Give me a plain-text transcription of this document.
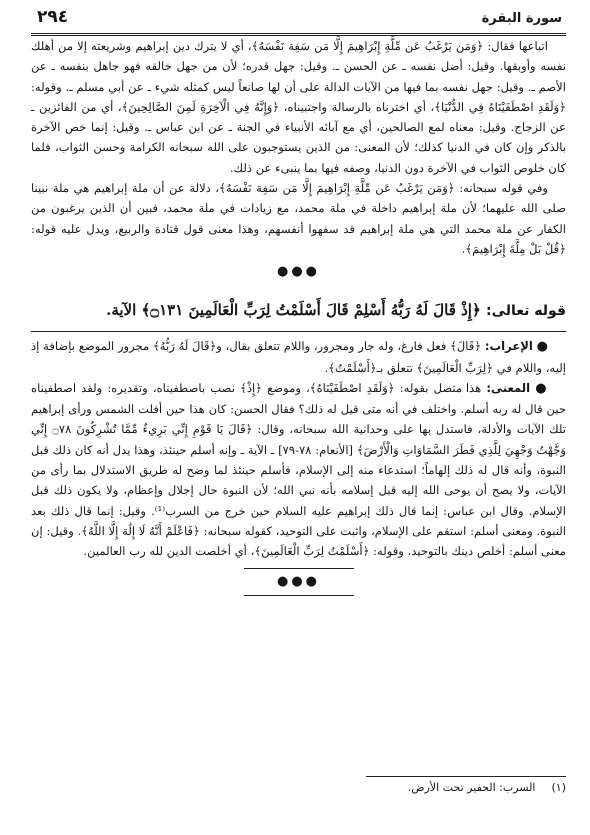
سورة البقرة
٢٩٤

اتباعها فقال: ﴿وَمَن يَرْغَبُ عَن مِّلَّةِ إِبْرَاهِيمَ إِلَّا مَن سَفِهَ نَفْسَهُ﴾، أي لا يترك دين إبراهيم وشريعته إلا من أهلك نفسه وأوبقها. وقيل: أضل نفسه ـ عن الحسن ـ. وقيل: جهل قدره؛ لأن من جهل خالقه فهو جاهل بنفسه ـ عن الأصم ـ. وقيل: جهل نفسه بما فيها من الآيات الدالة على أن لها صانعاً ليس كمثله شيء ـ عن أبي مسلم ـ. وقوله: ﴿وَلَقَدِ اصْطَفَيْنَاهُ فِي الدُّنْيَا﴾، أي اخترناه بالرسالة واجتبيناه، ﴿وَإِنَّهُ فِي الْآخِرَةِ لَمِنَ الصَّالِحِينَ﴾، أي من الفائزين ـ عن الزجاج. وقيل: معناه لمع الصالحين، أي مع آبائه الأنبياء في الجنة ـ عن ابن عباس ـ. وقيل: إنما خص الآخرة بالذكر وإن كان في الدنيا كذلك؛ لأن المعنى: من الذين يستوجبون على الله سبحانه الكرامة وحسن الثواب، فلما كان خلوص الثواب في الآخرة دون الدنيا، وصفه فيها بما ينبىء عن ذلك.

وفي قوله سبحانه: ﴿وَمَن يَرْغَبُ عَن مِّلَّةِ إِبْرَاهِيمَ إِلَّا مَن سَفِهَ نَفْسَهُ﴾، دلالة عن أن ملة إبراهيم هي ملة نبينا صلى الله عليهما؛ لأن ملة إبراهيم داخلة في ملة محمد، مع زيادات في ملة محمد، فبين أن الذين يرغبون من الكفار عن ملة محمد التي هي ملة إبراهيم قد سفهوا أنفسهم، وهذا معنى قول قتادة والربيع، ويدل عليه قوله: ﴿قُلْ بَلْ مِلَّةَ إِبْرَاهِيمَ﴾.

●●●
قوله تعالى: ﴿إِذْ قَالَ لَهُ رَبُّهُ أَسْلِمْ قَالَ أَسْلَمْتُ لِرَبِّ الْعَالَمِينَ ۝١٣١﴾ الآية.

● الإعراب: ﴿قَالَ﴾ فعل فارغ، وله جار ومجرور، واللام تتعلق بقال، و﴿قَالَ لَهُ رَبُّهُ﴾ مجرور الموضع بإضافة إذ إليه، واللام في ﴿لِرَبِّ الْعَالَمِينَ﴾ تتعلق بـ﴿أَسْلَمْتُ﴾.

● المعنى: هذا متصل بقوله: ﴿وَلَقَدِ اصْطَفَيْنَاهُ﴾، وموضع ﴿إِذْ﴾ نصب باصطفيناه، وتقديره: ولقد اصطفيناه حين قال له ربه أسلم. واختلف في أنه متى قيل له ذلك؟ فقال الحسن: كان هذا حين أفلت الشمس ورأى إبراهيم تلك الآيات والأدلة، فاستدل بها على وحدانية الله سبحانه، وقال: ﴿قَالَ يَا قَوْمِ إِنِّي بَرِيءٌ مِّمَّا تُشْرِكُونَ ۝٧٨ إِنِّي وَجَّهْتُ وَجْهِيَ لِلَّذِي فَطَرَ السَّمَاوَاتِ وَالْأَرْضَ﴾ [الأنعام: ٧٨-٧٩] ـ الآية ـ وإنه أسلم حينئذ، وهذا يدل أنه كان ذلك قبل النبوة، وأنه قال له ذلك إلهاماً؛ استدعاء منه إلى الإسلام، فأسلم حينئذ لما وضح له طريق الاستدلال بما رأى من الآيات، ولا يصح أن يوحى الله إليه قبل إسلامه بأنه نبي الله؛ لأن النبوة حال إجلال وإعظام، ولا يكون ذلك قبل الإسلام. وقال ابن عباس: إنما قال ذلك إبراهيم عليه السلام حين خرج من السرب⁽¹⁾. وقيل: إنما قال ذلك بعد النبوة. ومعنى أسلم: استقم على الإسلام، واثبت على التوحيد، كقوله سبحانه: ﴿فَاعْلَمْ أَنَّهُ لَا إِلَٰهَ إِلَّا اللَّهُ﴾. وقيل: إن معنى أسلم: أخلص دينك بالتوحيد. وقوله: ﴿أَسْلَمْتُ لِرَبِّ الْعَالَمِينَ﴾، أي أخلصت الدين لله رب العالمين.

●●●
(١)السرب: الحفير تحت الأرض.
